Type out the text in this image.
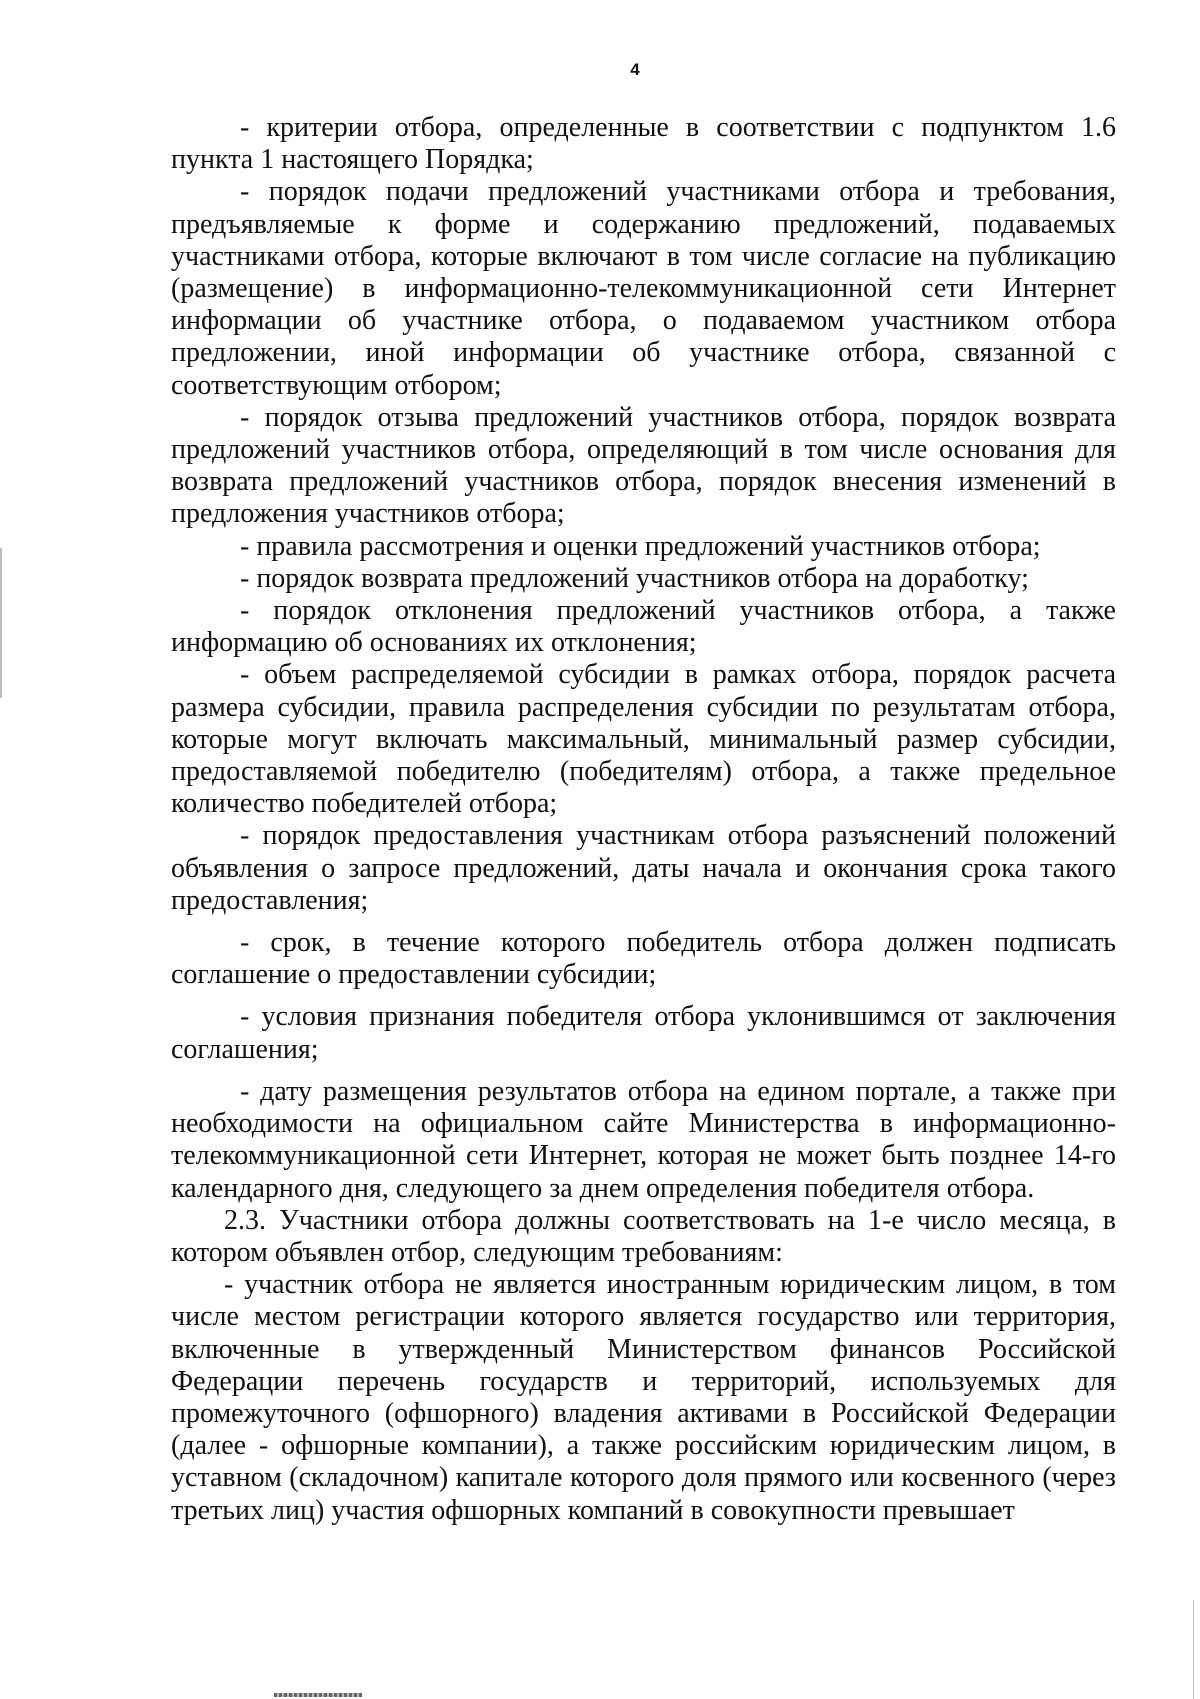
4

- критерии отбора, определенные в соответствии с подпунктом 1.6 пункта 1 настоящего Порядка;

- порядок подачи предложений участниками отбора и требования, предъявляемые к форме и содержанию предложений, подаваемых участниками отбора, которые включают в том числе согласие на публикацию (размещение) в информационно-телекоммуникационной сети Интернет информации об участнике отбора, о подаваемом участником отбора предложении, иной информации об участнике отбора, связанной с соответствующим отбором;

- порядок отзыва предложений участников отбора, порядок возврата предложений участников отбора, определяющий в том числе основания для возврата предложений участников отбора, порядок внесения изменений в предложения участников отбора;

- правила рассмотрения и оценки предложений участников отбора;

- порядок возврата предложений участников отбора на доработку;

- порядок отклонения предложений участников отбора, а также информацию об основаниях их отклонения;

- объем распределяемой субсидии в рамках отбора, порядок расчета размера субсидии, правила распределения субсидии по результатам отбора, которые могут включать максимальный, минимальный размер субсидии, предоставляемой победителю (победителям) отбора, а также предельное количество победителей отбора;

- порядок предоставления участникам отбора разъяснений положений объявления о запросе предложений, даты начала и окончания срока такого предоставления;

- срок, в течение которого победитель отбора должен подписать соглашение о предоставлении субсидии;

- условия признания победителя отбора уклонившимся от заключения соглашения;

- дату размещения результатов отбора на едином портале, а также при необходимости на официальном сайте Министерства в информационно-телекоммуникационной сети Интернет, которая не может быть позднее 14-го календарного дня, следующего за днем определения победителя отбора.

2.3. Участники отбора должны соответствовать на 1-е число месяца, в котором объявлен отбор, следующим требованиям:

- участник отбора не является иностранным юридическим лицом, в том числе местом регистрации которого является государство или территория, включенные в утвержденный Министерством финансов Российской Федерации перечень государств и территорий, используемых для промежуточного (офшорного) владения активами в Российской Федерации (далее - офшорные компании), а также российским юридическим лицом, в уставном (складочном) капитале которого доля прямого или косвенного (через третьих лиц) участия офшорных компаний в совокупности превышает
